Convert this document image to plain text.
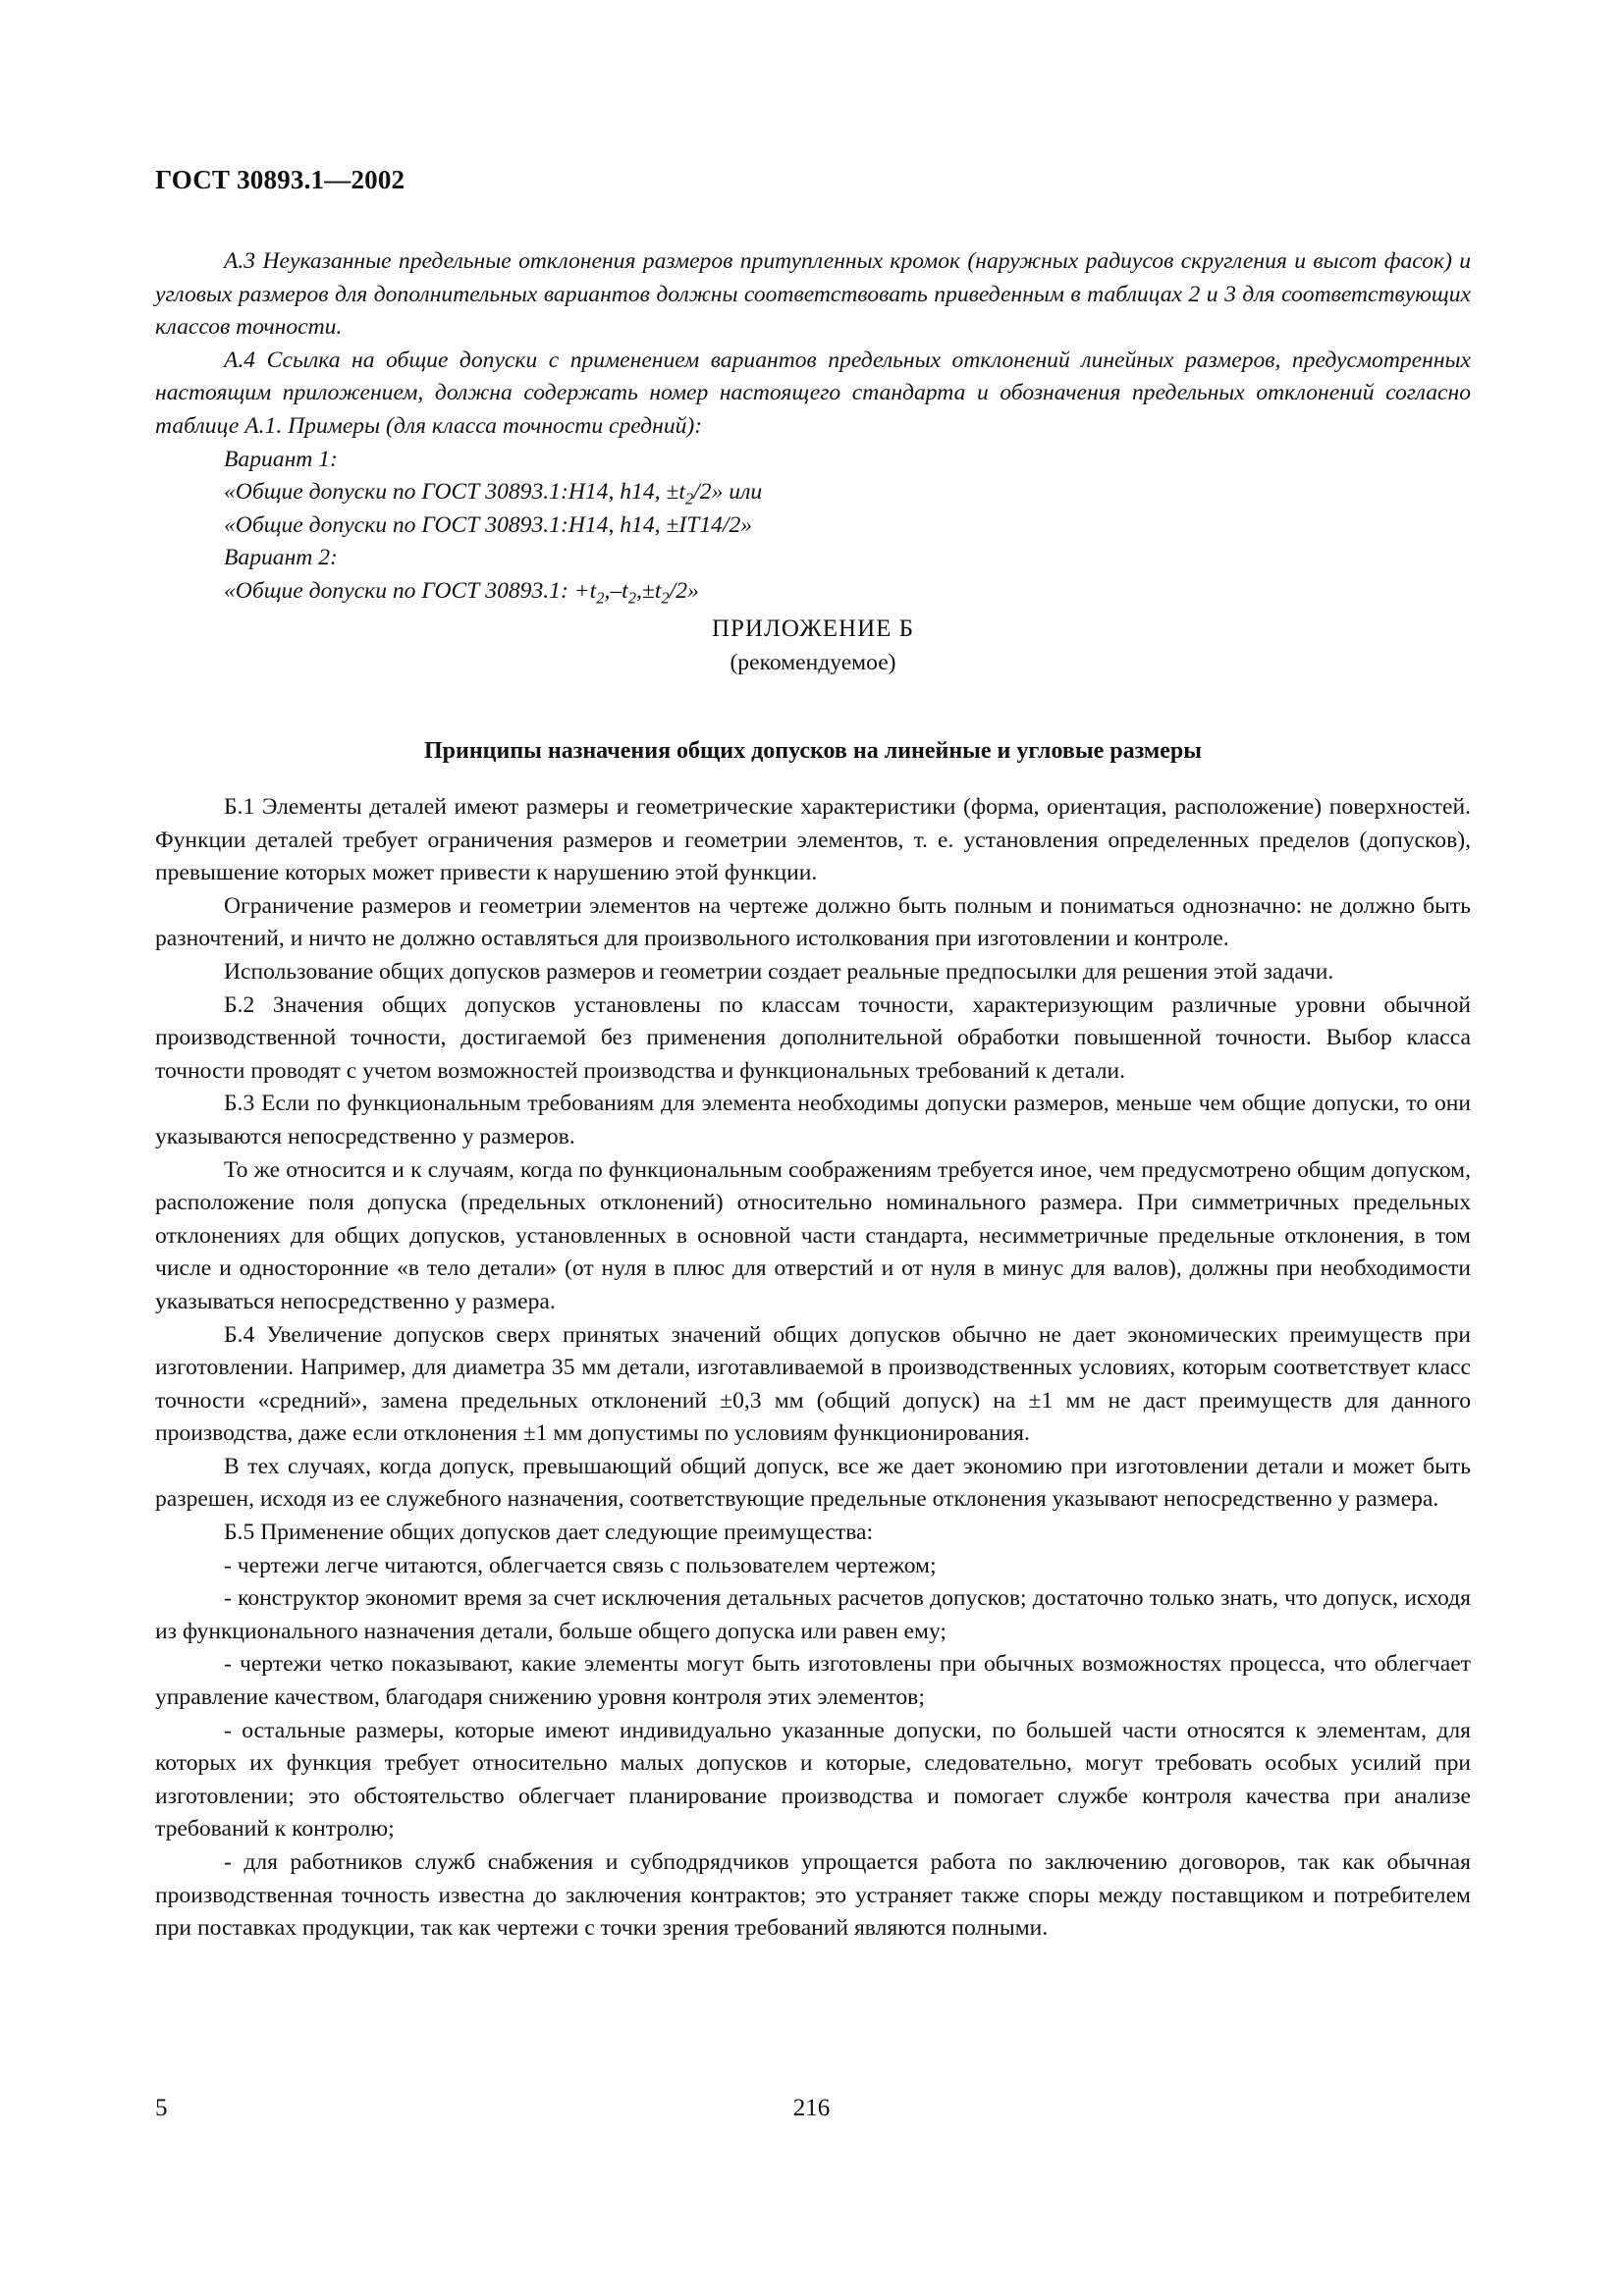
ГОСТ 30893.1—2002

А.3 Неуказанные предельные отклонения размеров притупленных кромок (наружных радиусов скругления и высот фасок) и угловых размеров для дополнительных вариантов должны соответствовать приведенным в таблицах 2 и 3 для соответствующих классов точности.

А.4 Ссылка на общие допуски с применением вариантов предельных отклонений линейных размеров, предусмотренных настоящим приложением, должна содержать номер настоящего стандарта и обозначения предельных отклонений согласно таблице А.1. Примеры (для класса точности средний):

Вариант 1:
«Общие допуски по ГОСТ 30893.1:Н14, h14, $\pm t_2/2$» или
«Общие допуски по ГОСТ 30893.1:Н14, h14, ±IT14/2»
Вариант 2:
«Общие допуски по ГОСТ 30893.1: $+t_2,-t_2,\pm t_2/2$»
ПРИЛОЖЕНИЕ Б
(рекомендуемое)
Принципы назначения общих допусков на линейные и угловые размеры

Б.1 Элементы деталей имеют размеры и геометрические характеристики (форма, ориентация, расположение) поверхностей. Функции деталей требует ограничения размеров и геометрии элементов, т. е. установления определенных пределов (допусков), превышение которых может привести к нарушению этой функции.

Ограничение размеров и геометрии элементов на чертеже должно быть полным и пониматься однозначно: не должно быть разночтений, и ничто не должно оставляться для произвольного истолкования при изготовлении и контроле.

Использование общих допусков размеров и геометрии создает реальные предпосылки для решения этой задачи.

Б.2 Значения общих допусков установлены по классам точности, характеризующим различные уровни обычной производственной точности, достигаемой без применения дополнительной обработки повышенной точности. Выбор класса точности проводят с учетом возможностей производства и функциональных требований к детали.

Б.3 Если по функциональным требованиям для элемента необходимы допуски размеров, меньше чем общие допуски, то они указываются непосредственно у размеров.

То же относится и к случаям, когда по функциональным соображениям требуется иное, чем предусмотрено общим допуском, расположение поля допуска (предельных отклонений) относительно номинального размера. При симметричных предельных отклонениях для общих допусков, установленных в основной части стандарта, несимметричные предельные отклонения, в том числе и односторонние «в тело детали» (от нуля в плюс для отверстий и от нуля в минус для валов), должны при необходимости указываться непосредственно у размера.

Б.4 Увеличение допусков сверх принятых значений общих допусков обычно не дает экономических преимуществ при изготовлении. Например, для диаметра 35 мм детали, изготавливаемой в производственных условиях, которым соответствует класс точности «средний», замена предельных отклонений ±0,3 мм (общий допуск) на ±1 мм не даст преимуществ для данного производства, даже если отклонения ±1 мм допустимы по условиям функционирования.

В тех случаях, когда допуск, превышающий общий допуск, все же дает экономию при изготовлении детали и может быть разрешен, исходя из ее служебного назначения, соответствующие предельные отклонения указывают непосредственно у размера.

Б.5 Применение общих допусков дает следующие преимущества:

- чертежи легче читаются, облегчается связь с пользователем чертежом;

- конструктор экономит время за счет исключения детальных расчетов допусков; достаточно только знать, что допуск, исходя из функционального назначения детали, больше общего допуска или равен ему;

- чертежи четко показывают, какие элементы могут быть изготовлены при обычных возможностях процесса, что облегчает управление качеством, благодаря снижению уровня контроля этих элементов;

- остальные размеры, которые имеют индивидуально указанные допуски, по большей части относятся к элементам, для которых их функция требует относительно малых допусков и которые, следовательно, могут требовать особых усилий при изготовлении; это обстоятельство облегчает планирование производства и помогает службе контроля качества при анализе требований к контролю;

- для работников служб снабжения и субподрядчиков упрощается работа по заключению договоров, так как обычная производственная точность известна до заключения контрактов; это устраняет также споры между поставщиком и потребителем при поставках продукции, так как чертежи с точки зрения требований являются полными.

5	216
